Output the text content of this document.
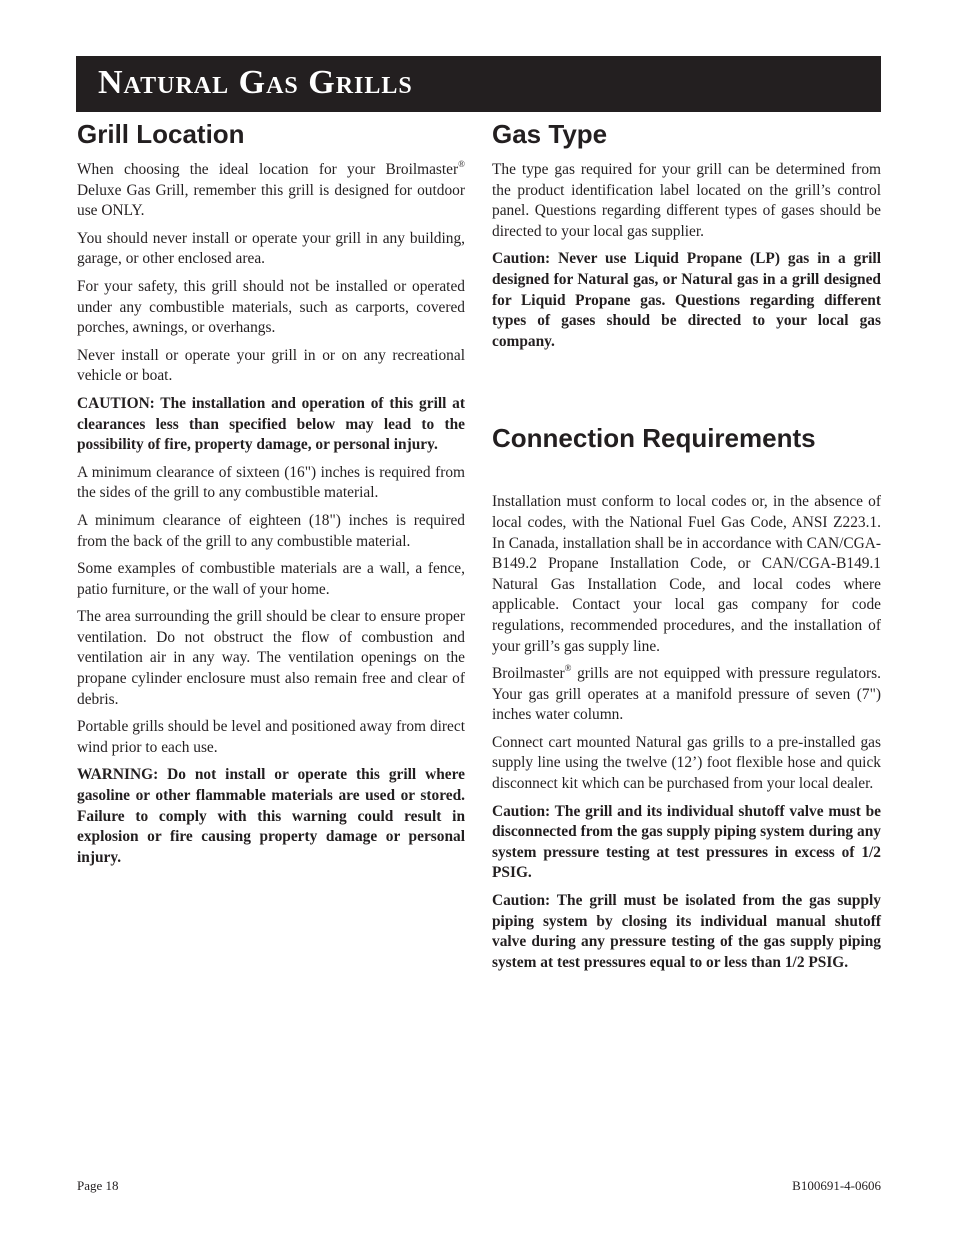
Natural Gas Grills
Grill Location

When choosing the ideal location for your Broilmaster® Deluxe Gas Grill, remember this grill is designed for outdoor use ONLY.

You should never install or operate your grill in any building, garage, or other enclosed area.

For your safety, this grill should not be installed or operated under any combustible materials, such as carports, covered porches, awnings, or overhangs.

Never install or operate your grill in or on any recreational vehicle or boat.

CAUTION: The installation and operation of this grill at clearances less than specified below may lead to the possibility of fire, property damage, or personal injury.

A minimum clearance of sixteen (16") inches is required from the sides of the grill to any combustible material.

A minimum clearance of eighteen (18") inches is required from the back of the grill to any combustible material.

Some examples of combustible materials are a wall, a fence, patio furniture, or the wall of your home.

The area surrounding the grill should be clear to ensure proper ventilation. Do not obstruct the flow of combustion and ventilation air in any way. The ventilation openings on the propane cylinder enclosure must also remain free and clear of debris.

Portable grills should be level and positioned away from direct wind prior to each use.

WARNING: Do not install or operate this grill where gasoline or other flammable materials are used or stored. Failure to comply with this warning could result in explosion or fire causing property damage or personal injury.

Gas Type

The type gas required for your grill can be determined from the product identification label located on the grill’s control panel. Questions regarding different types of gases should be directed to your local gas supplier.

Caution: Never use Liquid Propane (LP) gas in a grill designed for Natural gas, or Natural gas in a grill designed for Liquid Propane gas. Questions regarding different types of gases should be directed to your local gas company.

Connection Requirements

Installation must conform to local codes or, in the absence of local codes, with the National Fuel Gas Code, ANSI Z223.1. In Canada, installation shall be in accordance with CAN/CGA-B149.2 Propane Installation Code, or CAN/CGA-B149.1 Natural Gas Installation Code, and local codes where applicable. Contact your local gas company for code regulations, recommended procedures, and the installation of your grill’s gas supply line.

Broilmaster® grills are not equipped with pressure regulators. Your gas grill operates at a manifold pressure of seven (7") inches water column.

Connect cart mounted Natural gas grills to a pre-installed gas supply line using the twelve (12’) foot flexible hose and quick disconnect kit which can be purchased from your local dealer.

Caution: The grill and its individual shutoff valve must be disconnected from the gas supply piping system during any system pressure testing at test pressures in excess of 1/2 PSIG.

Caution: The grill must be isolated from the gas supply piping system by closing its individual manual shutoff valve during any pressure testing of the gas supply piping system at test pressures equal to or less than 1/2 PSIG.

Page 18	B100691-4-0606
